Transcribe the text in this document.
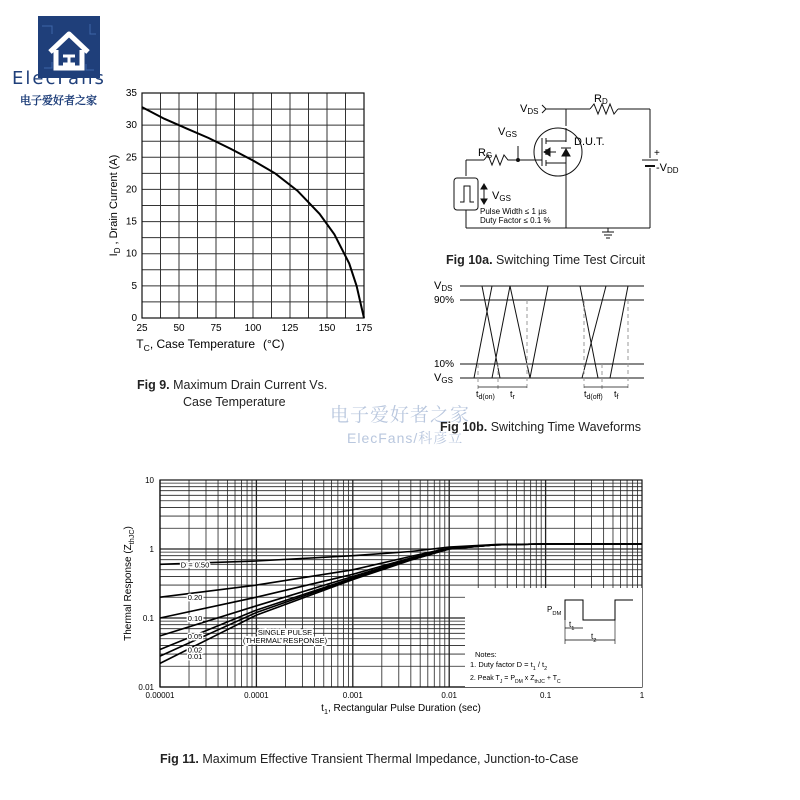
ElecFans
电子爱好者之家
25	50	75 100 125 150 175
0
5
10
15
20
25
30
35
$T_C$, Case Temperature (°C)
$I_D$ , Drain Current (A)
Fig 9. Maximum Drain Current Vs.
Case Temperature
VDS
RD
VGS
RG
D.U.T.
+
-VDD
VGS
Pulse Width ≤ 1 µs
Duty Factor ≤ 0.1 %
Fig 10a. Switching Time Test Circuit
VDS
90%
10%
VGS
$t_{d(on)}$ $t_r$	$t_{d(off)}$ $t_f$
电子爱好者之家
ElecFans/科彦立
Fig 10b. Switching Time Waveforms
0.00001	0.0001	0.001	0.01	0.1	1
0.01
0.1
1
10
D = 0.50
0.20
0.10
0.05
0.02
0.01
SINGLE PULSE
(THERMAL RESPONSE)
Notes:
1. Duty factor $D = t_1 / t_2$
2. Peak $T_J = P_{DM}$ x $Z_{thJC} + T_C$
$P_{DM}$
$t_1$
$t_2$
$t_1$, Rectangular Pulse Duration (sec)
Thermal Response $(Z_{thJC})$
Fig 11. Maximum Effective Transient Thermal Impedance, Junction-to-Case
